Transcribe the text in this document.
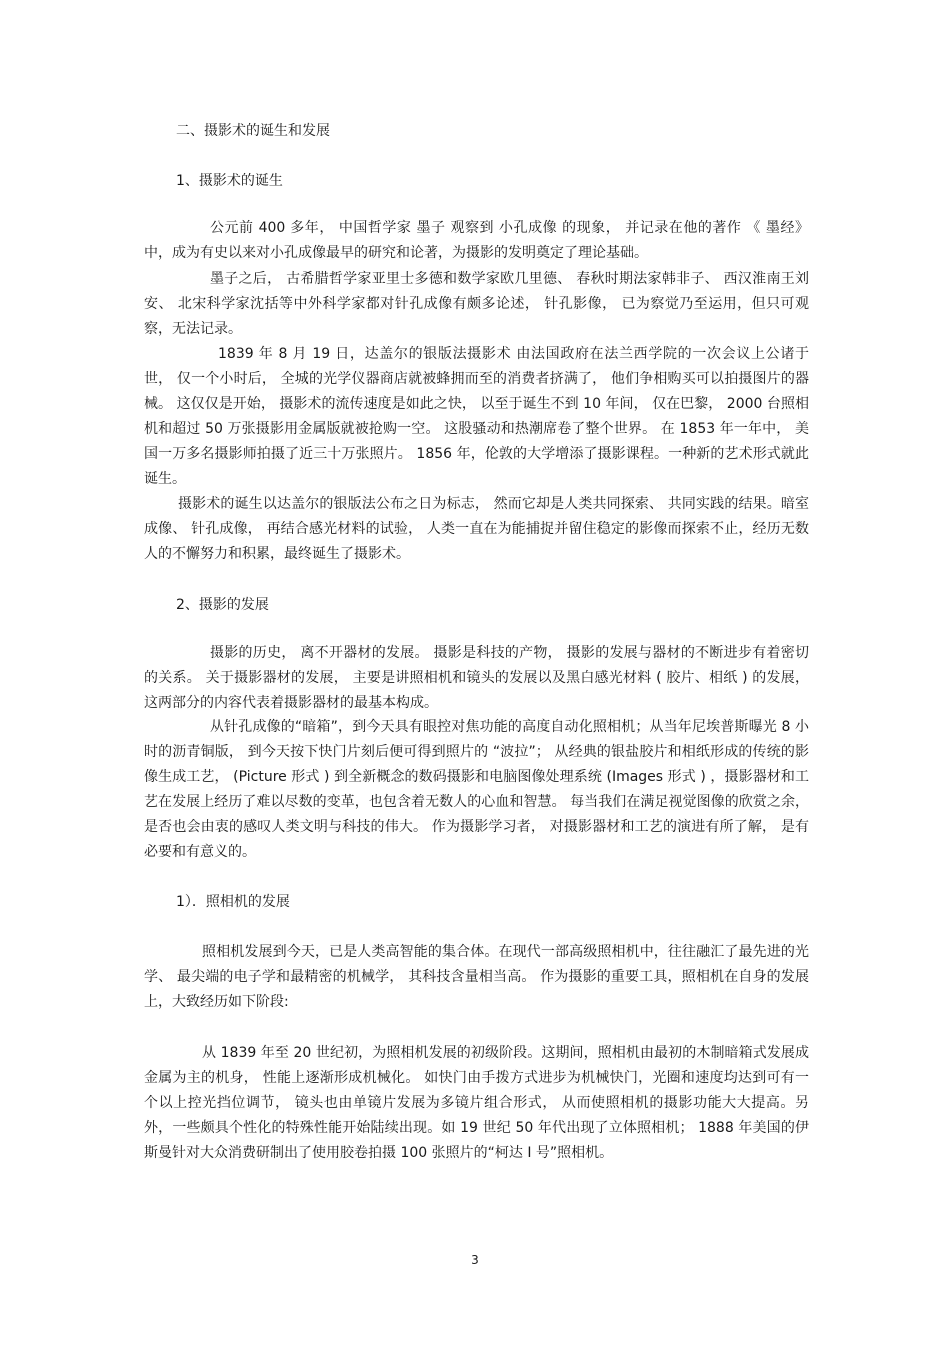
二、摄影术的诞生和发展
1、摄影术的诞生
公元前 400 多年， 中国哲学家 墨子 观察到 小孔成像 的现象， 并记录在他的著作 《 墨经》中，成为有史以来对小孔成像最早的研究和论著，为摄影的发明奠定了理论基础。
墨子之后， 古希腊哲学家亚里士多德和数学家欧几里德、 春秋时期法家韩非子、 西汉淮南王刘安、 北宋科学家沈括等中外科学家都对针孔成像有颇多论述， 针孔影像， 已为察觉乃至运用，但只可观察，无法记录。
1839 年 8 月 19 日，达盖尔的银版法摄影术 由法国政府在法兰西学院的一次会议上公诸于世， 仅一个小时后， 全城的光学仪器商店就被蜂拥而至的消费者挤满了， 他们争相购买可以拍摄图片的器械。 这仅仅是开始， 摄影术的流传速度是如此之快， 以至于诞生不到 10 年间， 仅在巴黎， 2000 台照相机和超过 50 万张摄影用金属版就被抢购一空。 这股骚动和热潮席卷了整个世界。 在 1853 年一年中， 美国一万多名摄影师拍摄了近三十万张照片。 1856 年，伦敦的大学增添了摄影课程。一种新的艺术形式就此诞生。
摄影术的诞生以达盖尔的银版法公布之日为标志， 然而它却是人类共同探索、 共同实践的结果。暗室成像、 针孔成像， 再结合感光材料的试验， 人类一直在为能捕捉并留住稳定的影像而探索不止，经历无数人的不懈努力和积累，最终诞生了摄影术。
2、摄影的发展
摄影的历史， 离不开器材的发展。 摄影是科技的产物， 摄影的发展与器材的不断进步有着密切的关系。 关于摄影器材的发展， 主要是讲照相机和镜头的发展以及黑白感光材料 ( 胶片、相纸 ) 的发展，这两部分的内容代表着摄影器材的最基本构成。
从针孔成像的“暗箱”，到今天具有眼控对焦功能的高度自动化照相机；从当年尼埃普斯曝光 8 小时的沥青铜版， 到今天按下快门片刻后便可得到照片的 “波拉”； 从经典的银盐胶片和相纸形成的传统的影像生成工艺， (Picture 形式 ) 到全新概念的数码摄影和电脑图像处理系统 (Images 形式 ) ，摄影器材和工艺在发展上经历了难以尽数的变革，也包含着无数人的心血和智慧。 每当我们在满足视觉图像的欣赏之余， 是否也会由衷的感叹人类文明与科技的伟大。 作为摄影学习者， 对摄影器材和工艺的演进有所了解， 是有必要和有意义的。
1）．照相机的发展
照相机发展到今天，已是人类高智能的集合体。在现代一部高级照相机中，往往融汇了最先进的光学、 最尖端的电子学和最精密的机械学， 其科技含量相当高。 作为摄影的重要工具，照相机在自身的发展上，大致经历如下阶段:
从 1839 年至 20 世纪初，为照相机发展的初级阶段。这期间，照相机由最初的木制暗箱式发展成金属为主的机身， 性能上逐渐形成机械化。 如快门由手拨方式进步为机械快门，光圈和速度均达到可有一个以上控光挡位调节， 镜头也由单镜片发展为多镜片组合形式， 从而使照相机的摄影功能大大提高。另外，一些颇具个性化的特殊性能开始陆续出现。如 19 世纪 50 年代出现了立体照相机； 1888 年美国的伊斯曼针对大众消费研制出了使用胶卷拍摄 100 张照片的“柯达 I 号”照相机。
3
